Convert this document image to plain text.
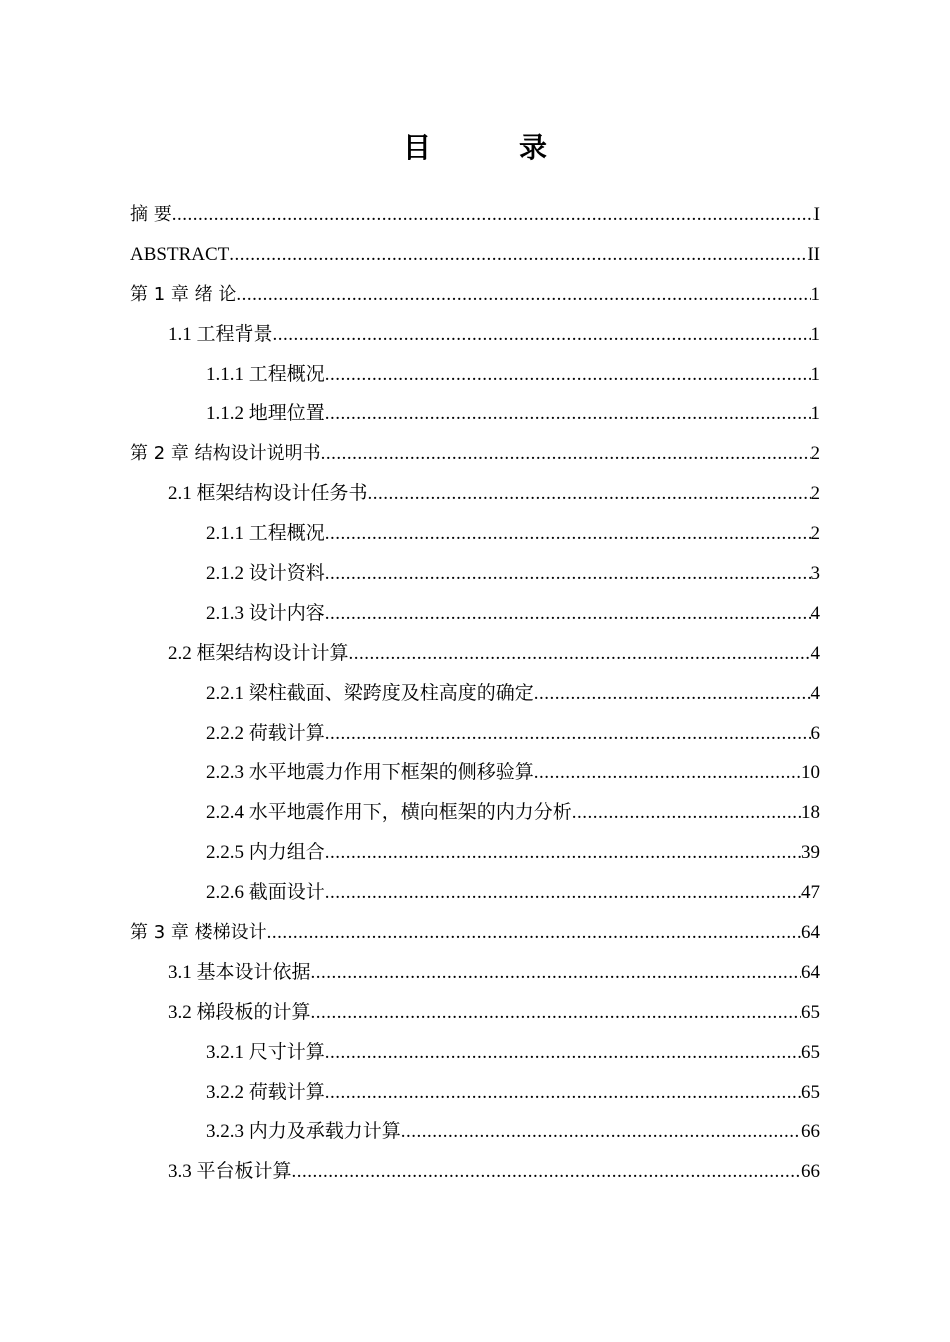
目　录
摘 要 .....	I
ABSTRACT .....	II
第 1 章 绪 论 .....	1
1.1 工程背景 .....	1
1.1.1 工程概况 .....	1
1.1.2 地理位置 .....	1
第 2 章 结构设计说明书 .....	2
2.1 框架结构设计任务书 .....	2
2.1.1 工程概况 .....	2
2.1.2 设计资料 .....	3
2.1.3 设计内容 .....	4
2.2 框架结构设计计算 .....	4
2.2.1 梁柱截面、梁跨度及柱高度的确定 .....	4
2.2.2 荷载计算 .....	6
2.2.3 水平地震力作用下框架的侧移验算 .....	10
2.2.4 水平地震作用下，横向框架的内力分析 .....	18
2.2.5 内力组合 .....	39
2.2.6 截面设计 .....	47
第 3 章 楼梯设计 .....	64
3.1 基本设计依据 .....	64
3.2 梯段板的计算 .....	65
3.2.1 尺寸计算 .....	65
3.2.2 荷载计算 .....	65
3.2.3 内力及承载力计算 .....	66
3.3 平台板计算 .....	66
